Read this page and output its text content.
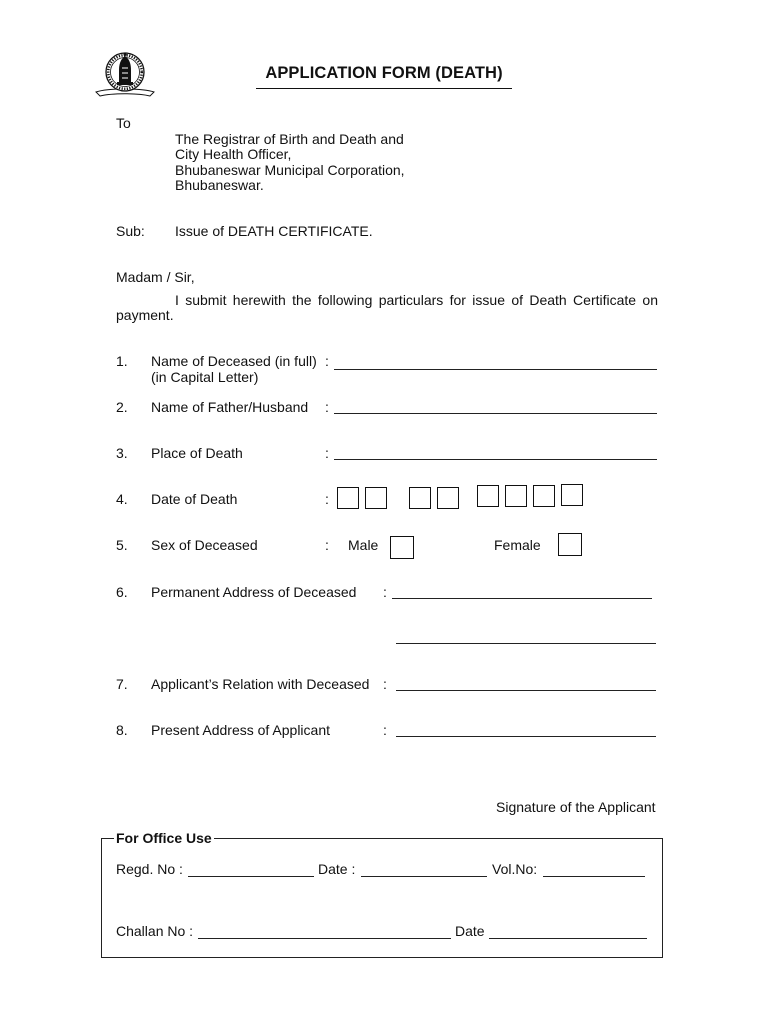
APPLICATION FORM (DEATH)
To
The Registrar of Birth and Death and
City Health Officer,
Bhubaneswar Municipal Corporation,
Bhubaneswar.
Sub: Issue of DEATH CERTIFICATE.
Madam / Sir,
I submit herewith the following particulars for issue of Death Certificate on
payment.
1. Name of Deceased (in full) :
(in Capital Letter)
2. Name of Father/Husband :
3. Place of Death	:
4. Date of Death	:
5. Sex of Deceased	: Male	Female
6. Permanent Address of Deceased :
7. Applicant’s Relation with Deceased :
8. Present Address of Applicant	:
Signature of the Applicant
For Office Use
Regd. No :	Date :	Vol.No:
Challan No :	Date
